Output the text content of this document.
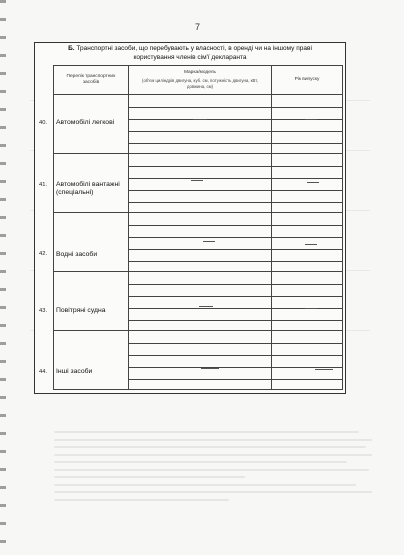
7
Б. Транспортні засоби, що перебувають у власності, в оренді чи на іншому праві
користування членів сім'ї декларанта
Перелік транспортних засобів
Марка/модель
(об'єм циліндрів двигуна, куб. см, потужність двигуна, кВт, довжина, см)
Рік випуску
40. Автомобілі легкові
41. Автомобілі вантажні (спеціальні)
42. Водні засоби
43. Повітряні судна
44. Інші засоби
